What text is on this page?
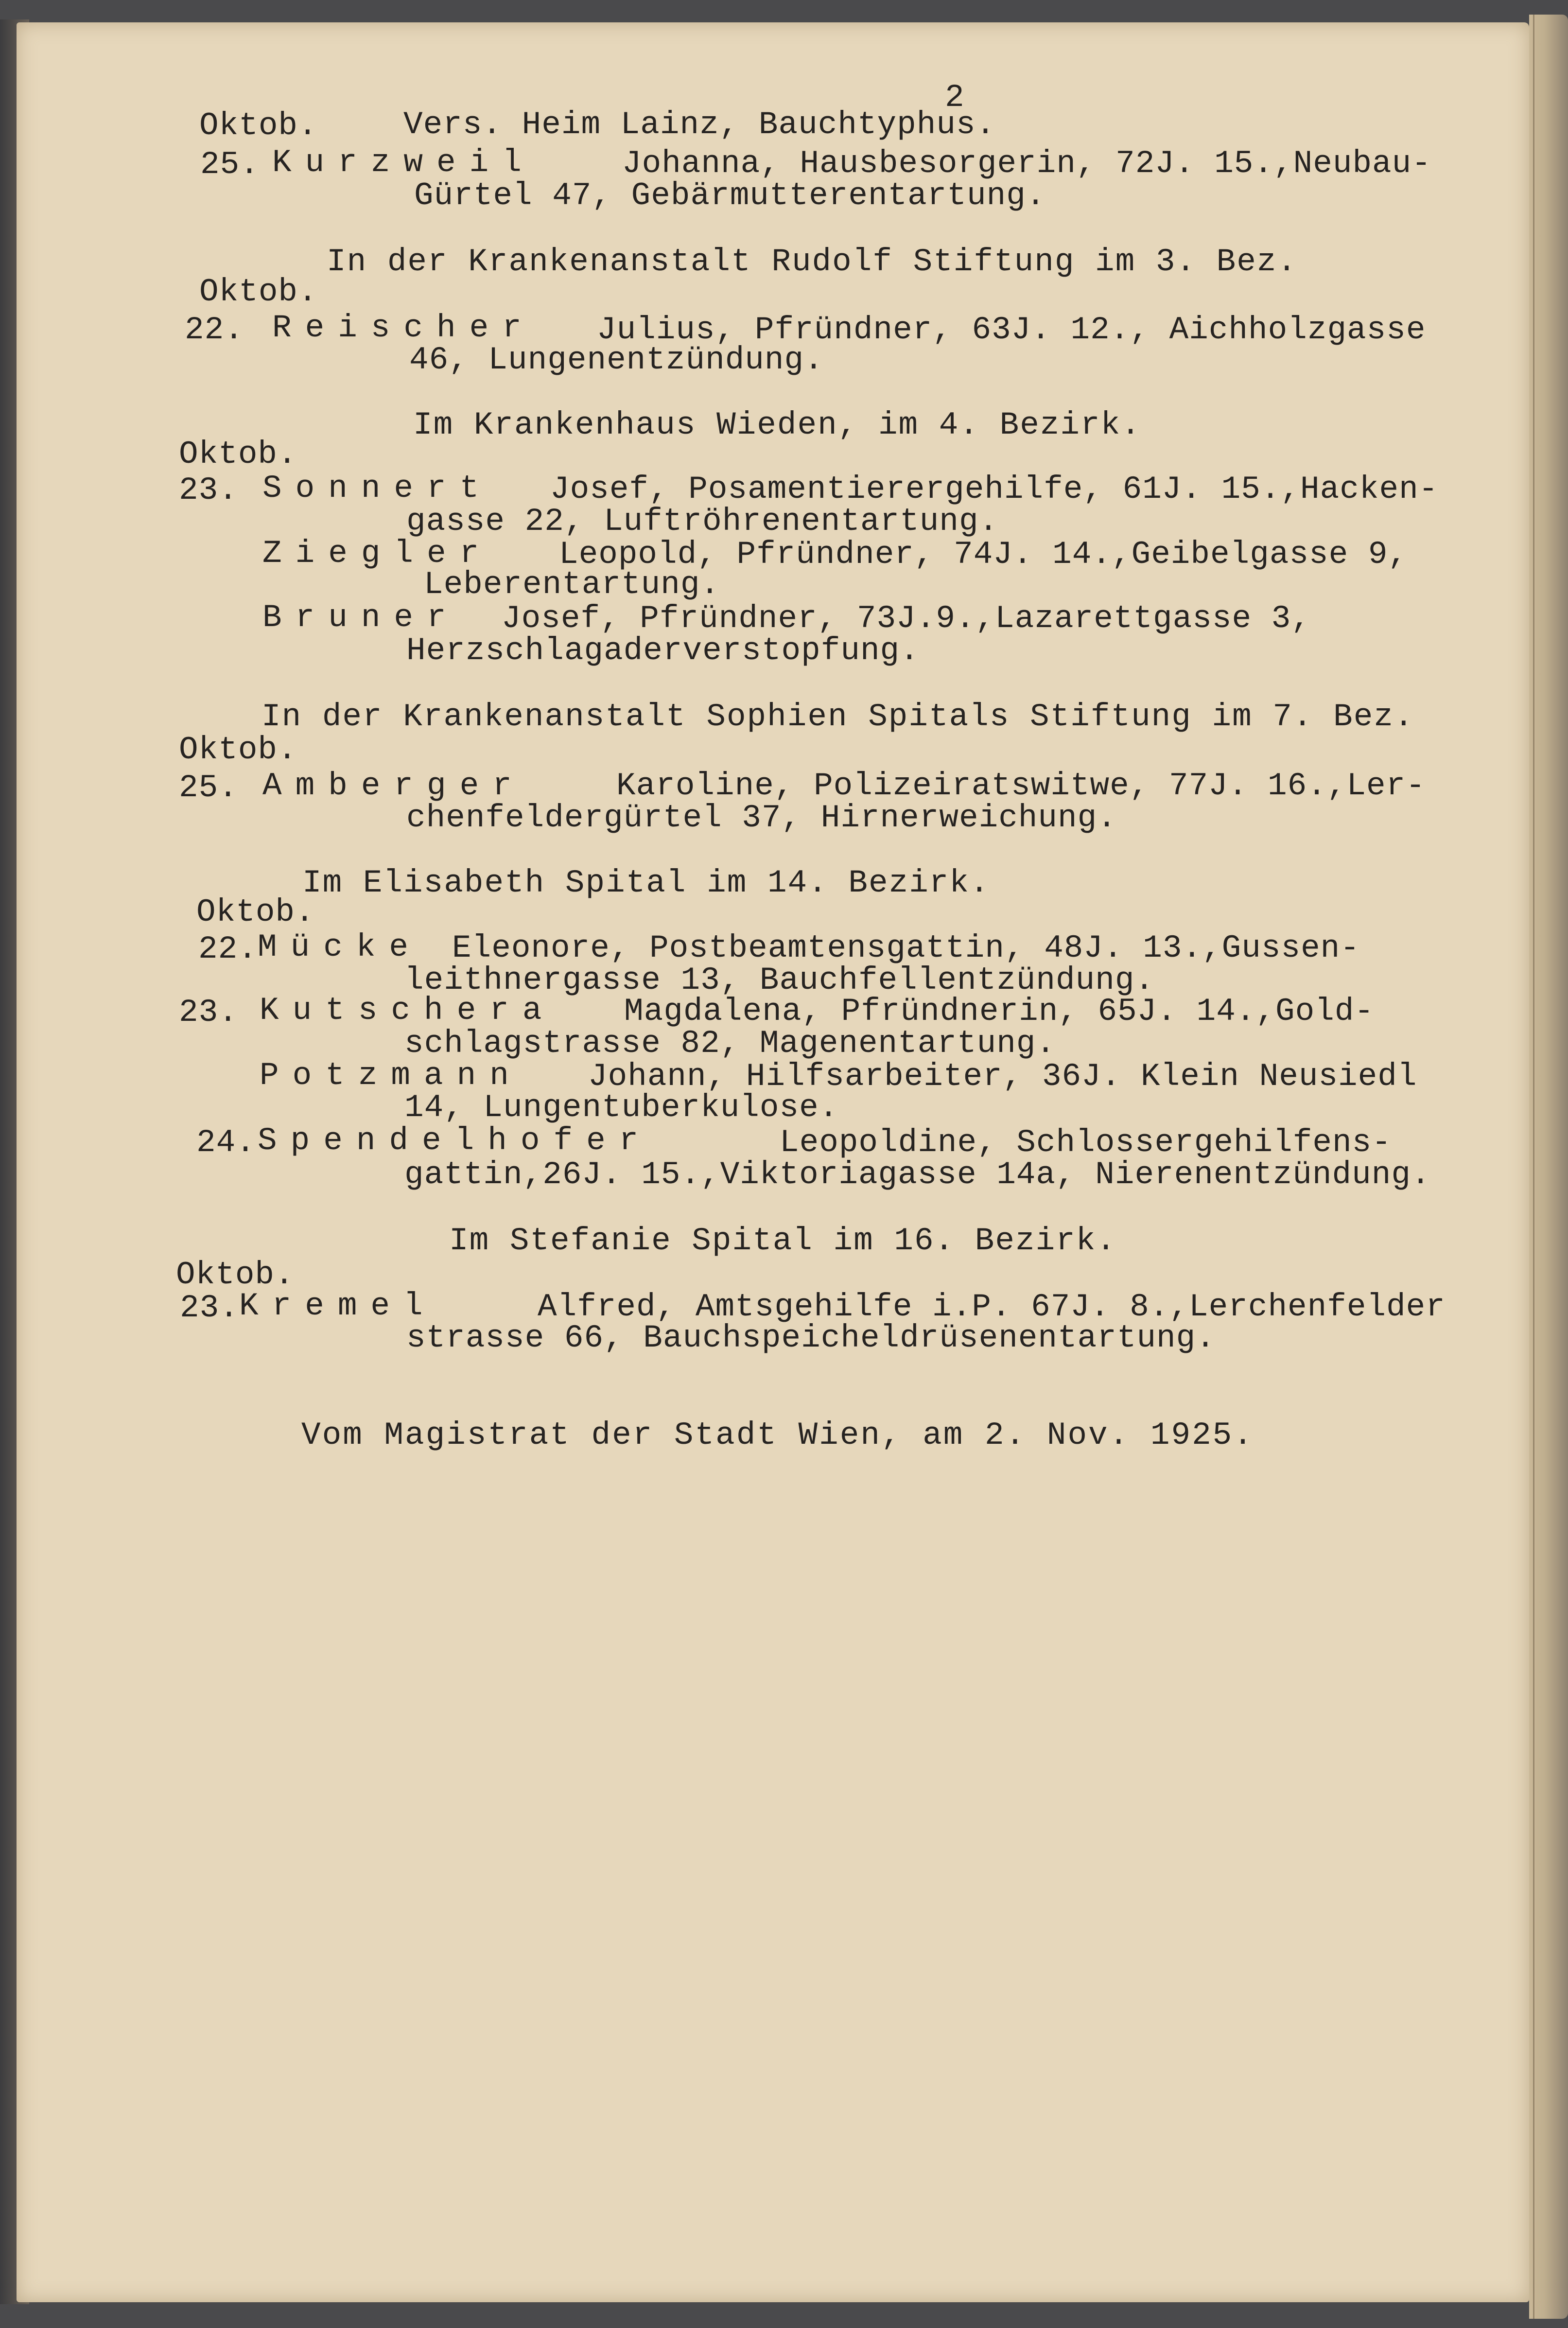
2
Oktob.	Vers. Heim Lainz, Bauchtyphus.
25. Kurzweil	Johanna, Hausbesorgerin, 72J. 15.,Neubau-
Gürtel 47, Gebärmutterentartung.
In der Krankenanstalt Rudolf Stiftung im 3. Bez.
Oktob.
22. Reischer Julius, Pfründner, 63J. 12., Aichholzgasse
46, Lungenentzündung.
Im Krankenhaus Wieden, im 4. Bezirk.
Oktob.
23. Sonnert Josef, Posamentierergehilfe, 61J. 15.,Hacken-
gasse 22, Luftröhrenentartung.
Ziegler Leopold, Pfründner, 74J. 14.,Geibelgasse 9,
Leberentartung.
Bruner Josef, Pfründner, 73J.9.,Lazarettgasse 3,
Herzschlagaderverstopfung.
In der Krankenanstalt Sophien Spitals Stiftung im 7. Bez.
Oktob.
25. Amberger	Karoline, Polizeiratswitwe, 77J. 16.,Ler-
chenfeldergürtel 37, Hirnerweichung.
Im Elisabeth Spital im 14. Bezirk.
Oktob.
22. Mücke Eleonore, Postbeamtensgattin, 48J. 13.,Gussen-
leithnergasse 13, Bauchfellentzündung.
23. Kutschera Magdalena, Pfründnerin, 65J. 14.,Gold-
schlagstrasse 82, Magenentartung.
Potzmann Johann, Hilfsarbeiter, 36J. Klein Neusiedl
14, Lungentuberkulose.
24. Spendelhofer	Leopoldine, Schlossergehilfens-
gattin,26J. 15.,Viktoriagasse 14a, Nierenentzündung.
Im Stefanie Spital im 16. Bezirk.
Oktob.
23. Kremel	Alfred, Amtsgehilfe i.P. 67J. 8.,Lerchenfelder
strasse 66, Bauchspeicheldrüsenentartung.
Vom Magistrat der Stadt Wien, am 2. Nov. 1925.
